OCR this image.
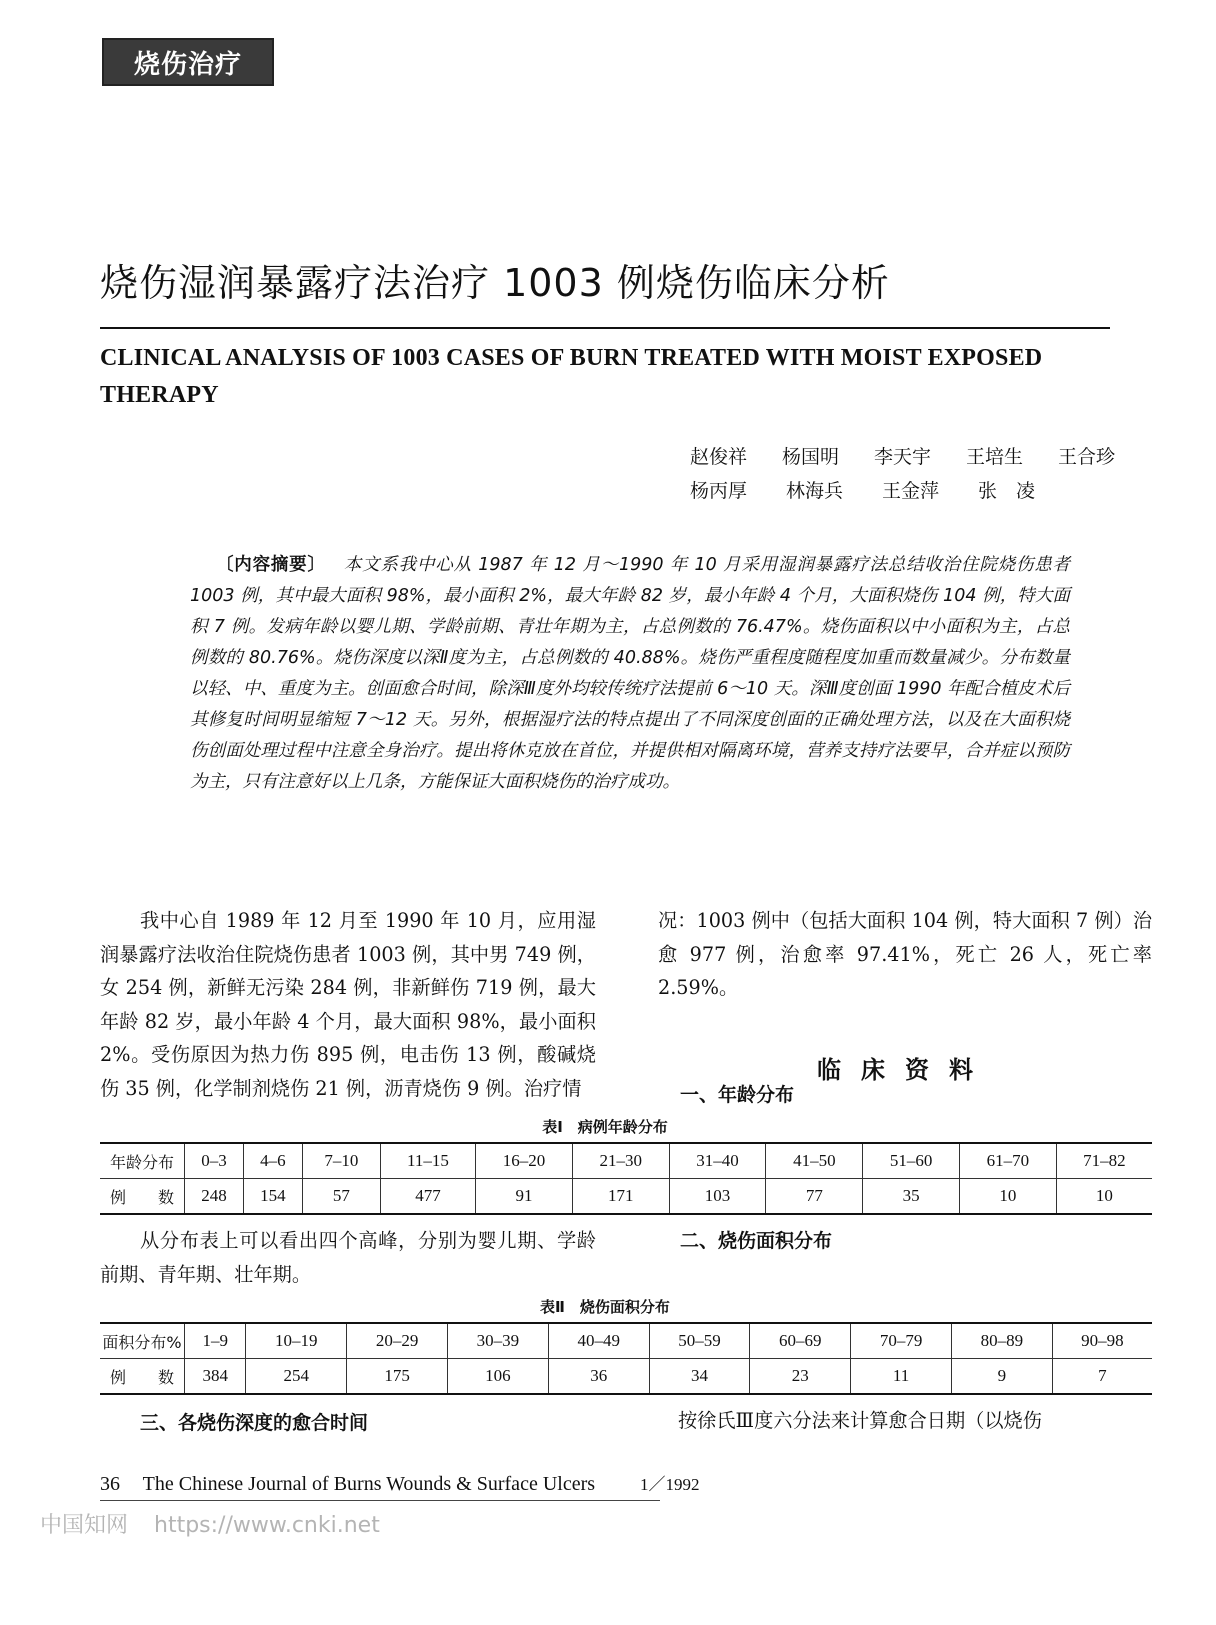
烧伤治疗
烧伤湿润暴露疗法治疗 1003 例烧伤临床分析
CLINICAL ANALYSIS OF 1003 CASES OF BURN TREATED WITH MOIST EXPOSED THERAPY
赵俊祥	杨国明	李天宇	王培生	王合珍
杨丙厚	林海兵	王金萍	张　凌
〔内容摘要〕 本文系我中心从 1987 年 12 月～1990 年 10 月采用湿润暴露疗法总结收治住院烧伤患者 1003 例，其中最大面积 98%，最小面积 2%，最大年龄 82 岁，最小年龄 4 个月，大面积烧伤 104 例，特大面积 7 例。发病年龄以婴儿期、学龄前期、青壮年期为主，占总例数的 76.47%。烧伤面积以中小面积为主，占总例数的 80.76%。烧伤深度以深Ⅱ度为主，占总例数的 40.88%。烧伤严重程度随程度加重而数量减少。分布数量以轻、中、重度为主。创面愈合时间，除深Ⅲ度外均较传统疗法提前 6～10 天。深Ⅲ度创面 1990 年配合植皮术后其修复时间明显缩短 7～12 天。另外，根据湿疗法的特点提出了不同深度创面的正确处理方法，以及在大面积烧伤创面处理过程中注意全身治疗。提出将休克放在首位，并提供相对隔离环境，营养支持疗法要早，合并症以预防为主，只有注意好以上几条，方能保证大面积烧伤的治疗成功。

我中心自 1989 年 12 月至 1990 年 10 月，应用湿润暴露疗法收治住院烧伤患者 1003 例，其中男 749 例，女 254 例，新鲜无污染 284 例，非新鲜伤 719 例，最大年龄 82 岁，最小年龄 4 个月，最大面积 98%，最小面积 2%。受伤原因为热力伤 895 例，电击伤 13 例，酸碱烧伤 35 例，化学制剂烧伤 21 例，沥青烧伤 9 例。治疗情

况：1003 例中（包括大面积 104 例，特大面积 7 例）治愈 977 例，治愈率 97.41%，死亡 26 人，死亡率 2.59%。

临床资料
一、年龄分布
表Ⅰ　病例年龄分布
年龄分布	0–3	4–6	7–10	11–15	16–20	21–30	31–40	41–50	51–60	61–70	71–82
例　　数	248	154	57	477	91	171	103	77	35	10	10

从分布表上可以看出四个高峰，分别为婴儿期、学龄前期、青年期、壮年期。

二、烧伤面积分布
表Ⅱ　烧伤面积分布
面积分布%	1–9	10–19	20–29	30–39	40–49	50–59	60–69	70–79	80–89	90–98
例　　数	384	254	175	106	36	34	23	11	9	7
三、各烧伤深度的愈合时间	按徐氏Ⅲ度六分法来计算愈合日期（以烧伤
36 The Chinese Journal of Burns Wounds & Surface Ulcers	1／1992
中国知网 https://www.cnki.net
